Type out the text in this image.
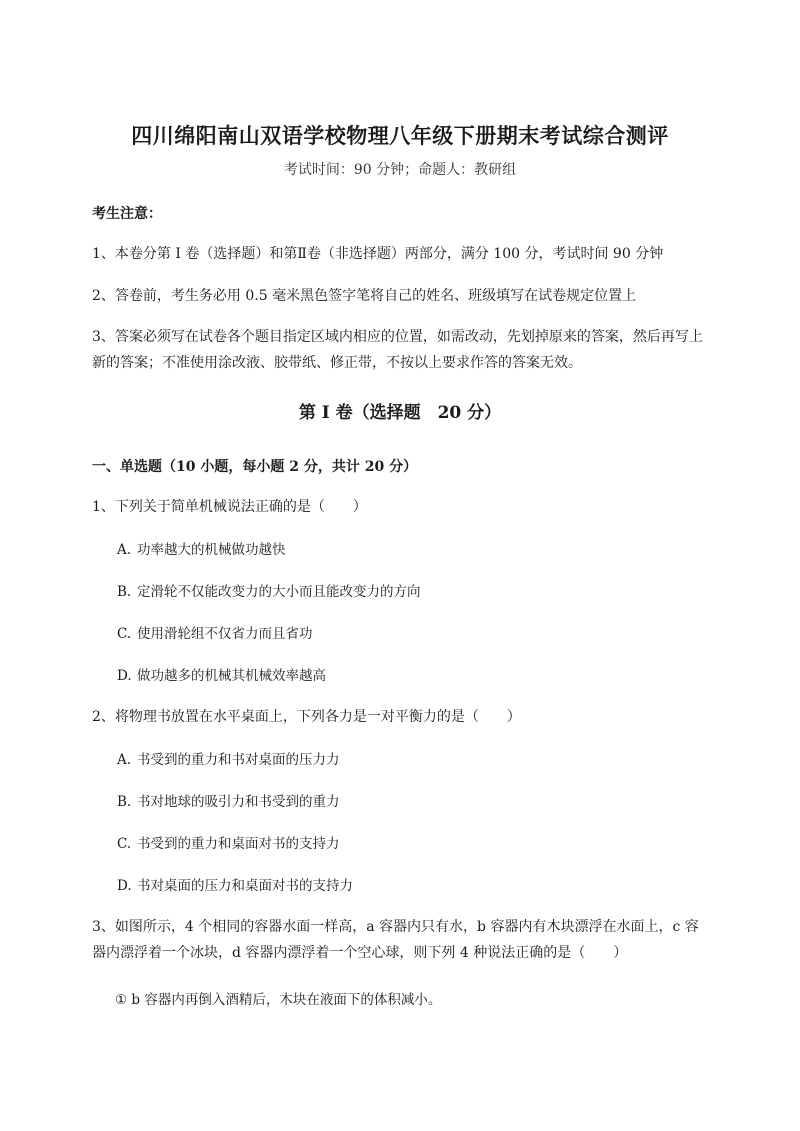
四川绵阳南山双语学校物理八年级下册期末考试综合测评
考试时间：90 分钟；命题人：教研组
考生注意：
1、本卷分第 I 卷（选择题）和第Ⅱ卷（非选择题）两部分，满分 100 分，考试时间 90 分钟
2、答卷前，考生务必用 0.5 毫米黑色签字笔将自己的姓名、班级填写在试卷规定位置上
3、答案必须写在试卷各个题目指定区域内相应的位置，如需改动，先划掉原来的答案，然后再写上新的答案；不准使用涂改液、胶带纸、修正带，不按以上要求作答的答案无效。
第 I 卷（选择题　20 分）
一、单选题（10 小题，每小题 2 分，共计 20 分）
1、下列关于简单机械说法正确的是（　　）
A. 功率越大的机械做功越快
B. 定滑轮不仅能改变力的大小而且能改变力的方向
C. 使用滑轮组不仅省力而且省功
D. 做功越多的机械其机械效率越高
2、将物理书放置在水平桌面上，下列各力是一对平衡力的是（　　）
A. 书受到的重力和书对桌面的压力力
B. 书对地球的吸引力和书受到的重力
C. 书受到的重力和桌面对书的支持力
D. 书对桌面的压力和桌面对书的支持力
3、如图所示，4 个相同的容器水面一样高，a 容器内只有水，b 容器内有木块漂浮在水面上，c 容器内漂浮着一个冰块，d 容器内漂浮着一个空心球，则下列 4 种说法正确的是（　　）
① b 容器内再倒入酒精后，木块在液面下的体积减小。
